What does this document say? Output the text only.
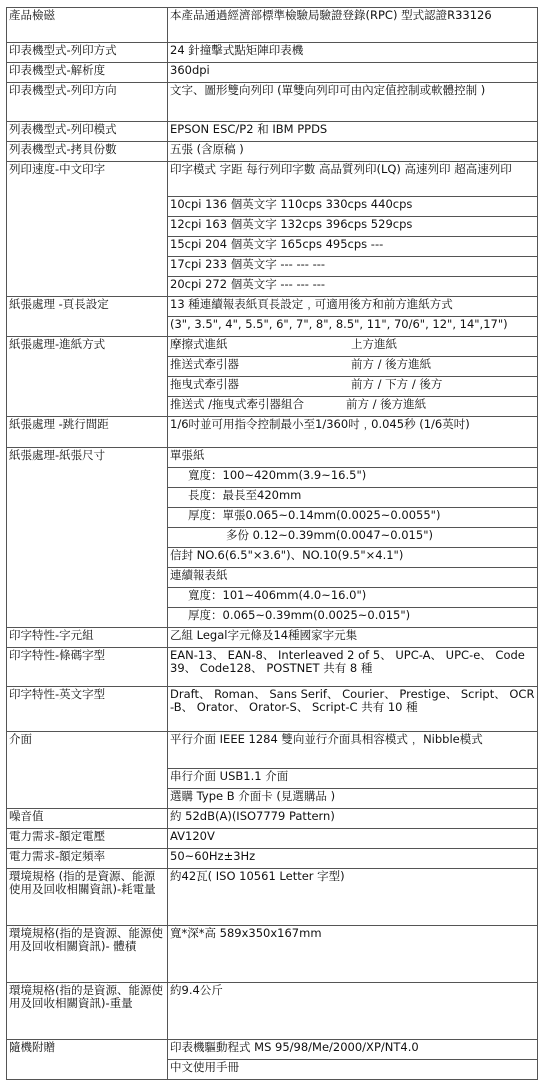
產品檢磁	本產品通過經濟部標準檢驗局驗證登錄(RPC) 型式認證R33126
印表機型式-列印方式	24 針撞擊式點矩陣印表機
印表機型式-解析度	360dpi
印表機型式-列印方向	文字、圖形雙向列印 (單雙向列印可由內定值控制或軟體控制 )
列表機型式-列印模式	EPSON ESC/P2 和 IBM PPDS
列表機型式-拷貝份數	五張 (含原稿 )
列印速度-中文印字	印字模式 字距 每行列印字數 高品質列印(LQ) 高速列印 超高速列印
	10cpi 136 個英文字 110cps 330cps 440cps
	12cpi 163 個英文字 132cps 396cps 529cps
	15cpi 204 個英文字 165cps 495cps ---
	17cpi 233 個英文字 --- --- ---
	20cpi 272 個英文字 --- --- ---
紙張處理 -頁長設定	13 種連續報表紙頁長設定﹐可適用後方和前方進紙方式
	(3", 3.5", 4", 5.5", 6", 7", 8", 8.5", 11", 70/6", 12", 14",17")
紙張處理-進紙方式	摩擦式進紙 上方進紙

	推送式牽引器 前方 / 後方進紙

	拖曳式牽引器 前方 / 下方 / 後方

	推送式 /拖曳式牽引器組合 前方 / 後方進紙

紙張處理 -跳行間距	1/6吋並可用指令控制最小至1/360吋﹐0.045秒 (1/6英吋)
紙張處理-紙張尺寸	單張紙
	寬度：100~420mm(3.9~16.5")
	長度：最長至420mm
	厚度：單張0.065~0.14mm(0.0025~0.0055")
	多份 0.12~0.39mm(0.0047~0.015")
	信封 NO.6(6.5"×3.6")、NO.10(9.5"×4.1")
	連續報表紙
	寬度：101~406mm(4.0~16.0")
	厚度：0.065~0.39mm(0.0025~0.015")
印字特性-字元組	乙組 Legal字元條及14種國家字元集
印字特性-條碼字型	EAN-13、 EAN-8、 Interleaved 2 of 5、 UPC-A、 UPC-e、 Code 39、 Code128、 POSTNET 共有 8 種
印字特性-英文字型	Draft、 Roman、 Sans Serif、 Courier、 Prestige、 Script、 OCR-B、 Orator、 Orator-S、 Script-C 共有 10 種
介面	平行介面 IEEE 1284 雙向並行介面具相容模式﹐ Nibble模式
	串行介面 USB1.1 介面
	選購 Type B 介面卡 (見選購品 )
噪音值	約 52dB(A)(ISO7779 Pattern)
電力需求-額定電壓	AV120V
電力需求-額定頻率	50~60Hz±3Hz
環境規格 (指的是資源、能源使用及回收相關資訊)-耗電量	約42瓦( ISO 10561 Letter 字型)
環境規格(指的是資源、能源使用及回收相關資訊)- 體積	寬*深*高 589x350x167mm
環境規格(指的是資源、能源使用及回收相關資訊)-重量	約9.4公斤
隨機附贈	印表機驅動程式 MS 95/98/Me/2000/XP/NT4.0
	中文使用手冊
